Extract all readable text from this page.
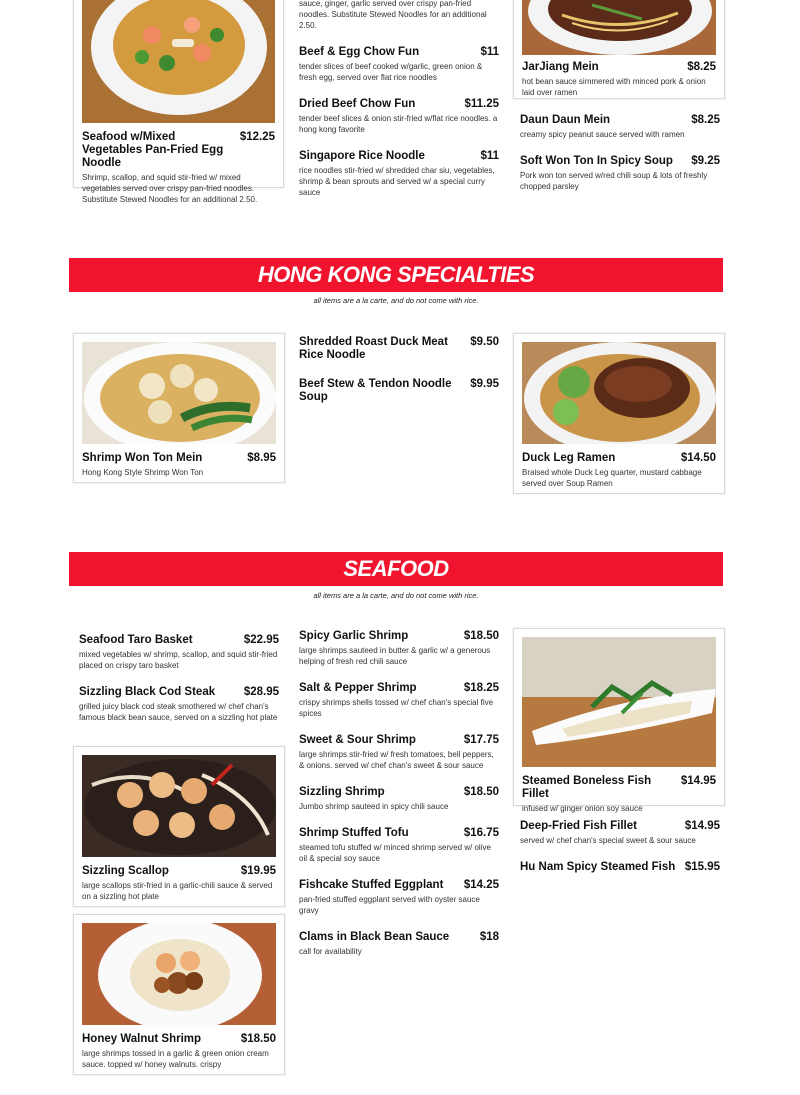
Seafood w/Mixed Vegetables Pan-Fried Egg Noodle
$12.25
Shrimp, scallop, and squid stir-fried w/ mixed vegetables served over crispy pan-fried noodles. Substitute Stewed Noodles for an additional 2.50.
sauce, ginger, garlic served over crispy pan-fried noodles. Substitute Stewed Noodles for an additional 2.50.
Beef & Egg Chow Fun	$11
tender slices of beef cooked w/garlic, green onion & fresh egg, served over flat rice noodles
Dried Beef Chow Fun	$11.25
tender beef slices & onion stir-fried w/flat rice noodles. a hong kong favorite
Singapore Rice Noodle	$11
rice noodles stir-fried w/ shredded char siu, vegetables, shrimp & bean sprouts and served w/ a special curry sauce
JarJiang Mein	$8.25
hot bean sauce simmered with minced pork & onion laid over ramen
Daun Daun Mein	$8.25
creamy spicy peanut sauce served with ramen
Soft Won Ton In Spicy Soup	$9.25
Pork won ton served w/red chili soup & lots of freshly chopped parsley
HONG KONG SPECIALTIES
all items are a la carte, and do not come with rice.
Shrimp Won Ton Mein	$8.95
Hong Kong Style Shrimp Won Ton
Shredded Roast Duck Meat Rice Noodle
$9.50
Beef Stew & Tendon Noodle Soup
$9.95
Duck Leg Ramen	$14.50
Braised whole Duck Leg quarter, mustard cabbage served over Soup Ramen
SEAFOOD
all items are a la carte, and do not come with rice.
Seafood Taro Basket	$22.95
mixed vegetables w/ shrimp, scallop, and squid stir-fried placed on crispy taro basket
Sizzling Black Cod Steak	$28.95
grilled juicy black cod steak smothered w/ chef chan's famous black bean sauce, served on a sizzling hot plate
Sizzling Scallop	$19.95
large scallops stir-fried in a garlic-chili sauce & served on a sizzling hot plate
Honey Walnut Shrimp	$18.50
large shrimps tossed in a garlic & green onion cream sauce. topped w/ honey walnuts. crispy
Spicy Garlic Shrimp	$18.50
large shrimps sauteed in butter & garlic w/ a generous helping of fresh red chili sauce
Salt & Pepper Shrimp	$18.25
crispy shrimps shells tossed w/ chef chan's special five spices
Sweet & Sour Shrimp	$17.75
large shrimps stir-fried w/ fresh tomatoes, bell peppers, & onions. served w/ chef chan's sweet & sour sauce
Sizzling Shrimp	$18.50
Jumbo shrimp sauteed in spicy chili sauce
Shrimp Stuffed Tofu	$16.75
steamed tofu stuffed w/ minced shrimp served w/ olive oil & special soy sauce
Fishcake Stuffed Eggplant	$14.25
pan-fried stuffed eggplant served with oyster sauce gravy
Clams in Black Bean Sauce	$18
call for availability
Steamed Boneless Fish Fillet
$14.95
infused w/ ginger onion soy sauce
Deep-Fried Fish Fillet	$14.95
served w/ chef chan's special sweet & sour sauce
Hu Nam Spicy Steamed Fish $15.95
